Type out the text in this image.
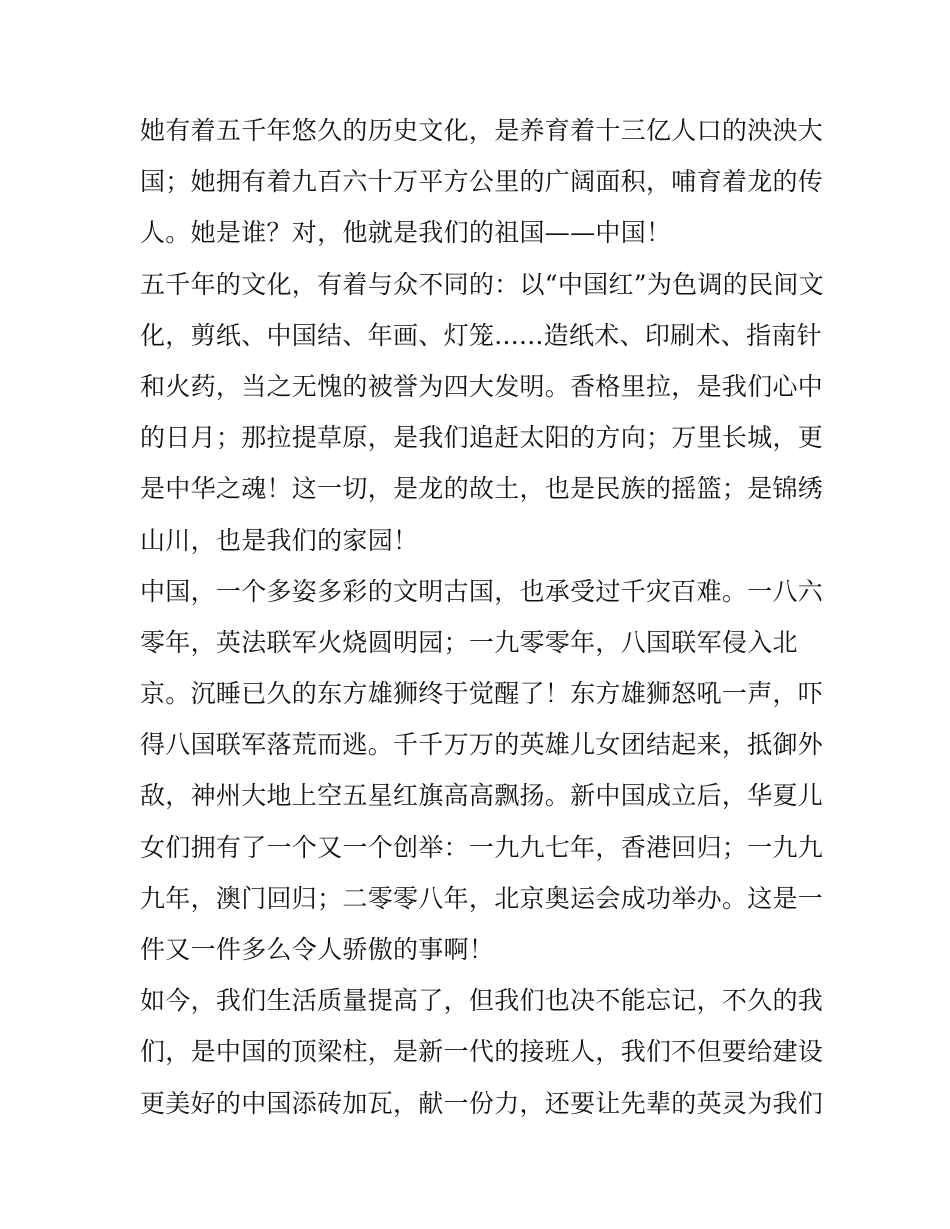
她有着五千年悠久的历史文化，是养育着十三亿人口的泱泱大
国；她拥有着九百六十万平方公里的广阔面积，哺育着龙的传
人。她是谁？对，他就是我们的祖国——中国！
五千年的文化，有着与众不同的：以“中国红”为色调的民间文
化，剪纸、中国结、年画、灯笼......造纸术、印刷术、指南针
和火药，当之无愧的被誉为四大发明。香格里拉，是我们心中
的日月；那拉提草原，是我们追赶太阳的方向；万里长城，更
是中华之魂！这一切，是龙的故土，也是民族的摇篮；是锦绣
山川，也是我们的家园！
中国，一个多姿多彩的文明古国，也承受过千灾百难。一八六
零年，英法联军火烧圆明园；一九零零年，八国联军侵入北
京。沉睡已久的东方雄狮终于觉醒了！东方雄狮怒吼一声，吓
得八国联军落荒而逃。千千万万的英雄儿女团结起来，抵御外
敌，神州大地上空五星红旗高高飘扬。新中国成立后，华夏儿
女们拥有了一个又一个创举：一九九七年，香港回归；一九九
九年，澳门回归；二零零八年，北京奥运会成功举办。这是一
件又一件多么令人骄傲的事啊！
如今，我们生活质量提高了，但我们也决不能忘记，不久的我
们，是中国的顶梁柱，是新一代的接班人，我们不但要给建设
更美好的中国添砖加瓦，献一份力，还要让先辈的英灵为我们
